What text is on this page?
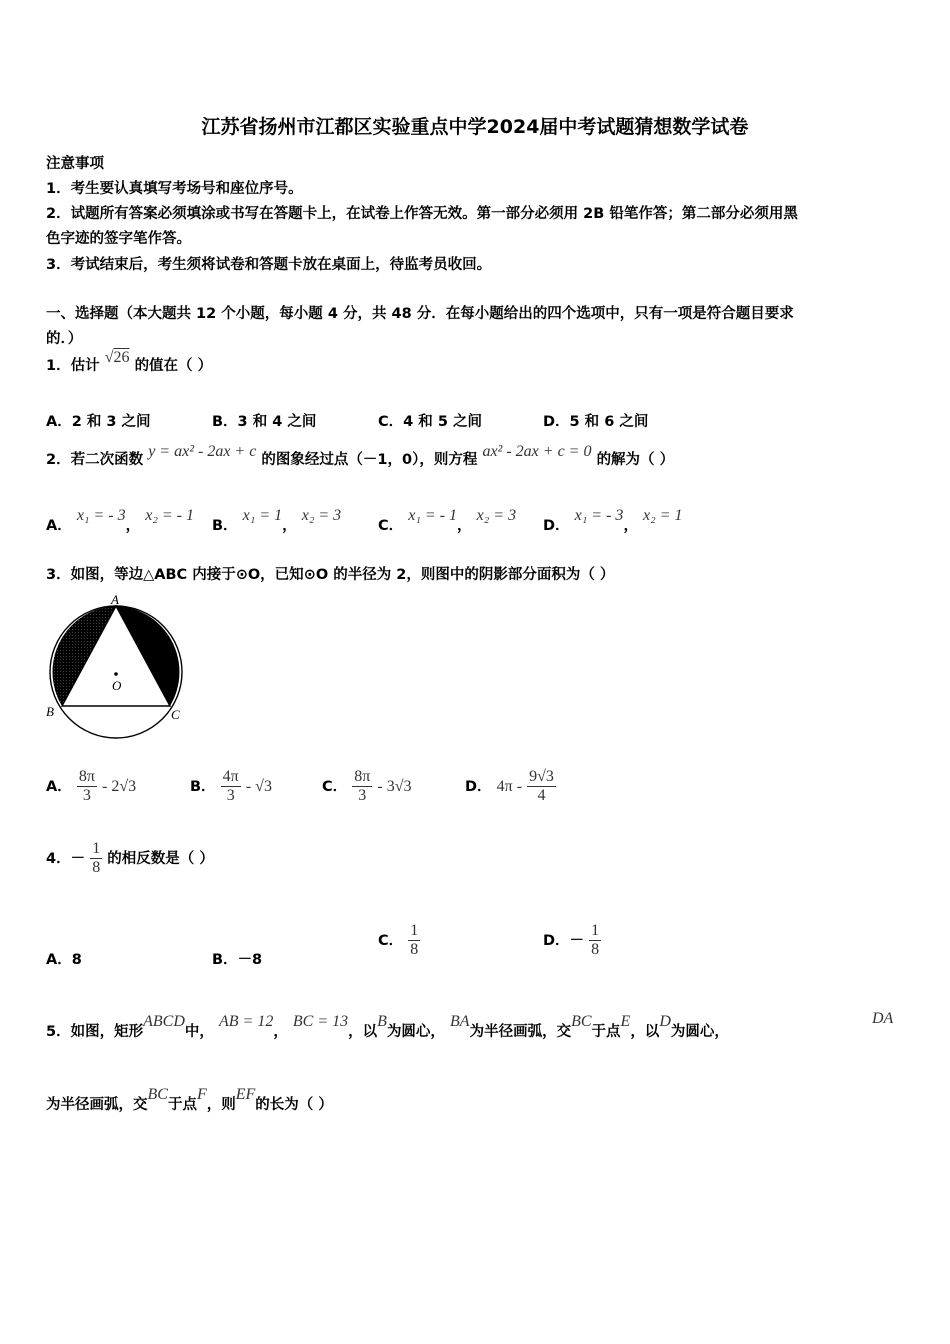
江苏省扬州市江都区实验重点中学2024届中考试题猜想数学试卷
注意事项
1．考生要认真填写考场号和座位序号。
2．试题所有答案必须填涂或书写在答题卡上，在试卷上作答无效。第一部分必须用 2B 铅笔作答；第二部分必须用黑
色字迹的签字笔作答。
3．考试结束后，考生须将试卷和答题卡放在桌面上，待监考员收回。
一、选择题（本大题共 12 个小题，每小题 4 分，共 48 分．在每小题给出的四个选项中，只有一项是符合题目要求
的．）
1．估计 √26 的值在（ ）
A．2 和 3 之间	B．3 和 4 之间	C．4 和 5 之间	D．5 和 6 之间
2．若二次函数 y = ax² - 2ax + c 的图象经过点（－1，0），则方程 ax² - 2ax + c = 0 的解为（ ）
A． x₁ = - 3， x₂ = - 1
B． x₁ = 1， x₂ = 3
C． x₁ = - 1， x₂ = 3
D． x₁ = - 3， x₂ = 1
3．如图，等边△ABC 内接于⊙O，已知⊙O 的半径为 2，则图中的阴影部分面积为（ ）
A
B	C
O
A． $\frac{8\pi}{3} - 2√3$	B． $\frac{4\pi}{3} - √3$	C． $\frac{8\pi}{3} - 3√3$	D． $4\pi - \frac{9√3}{4}$
4．－ $\frac{1}{8}$ 的相反数是（ ）
A．8	B．－8
C． $\frac{1}{8}$	D．－ $\frac{1}{8}$
5．如图，矩形ABCD中， AB = 12， BC = 13，以B为圆心， BA为半径画弧，交BC于点E，以D为圆心，
DA
为半径画弧，交BC于点F，则EF的长为（ ）
